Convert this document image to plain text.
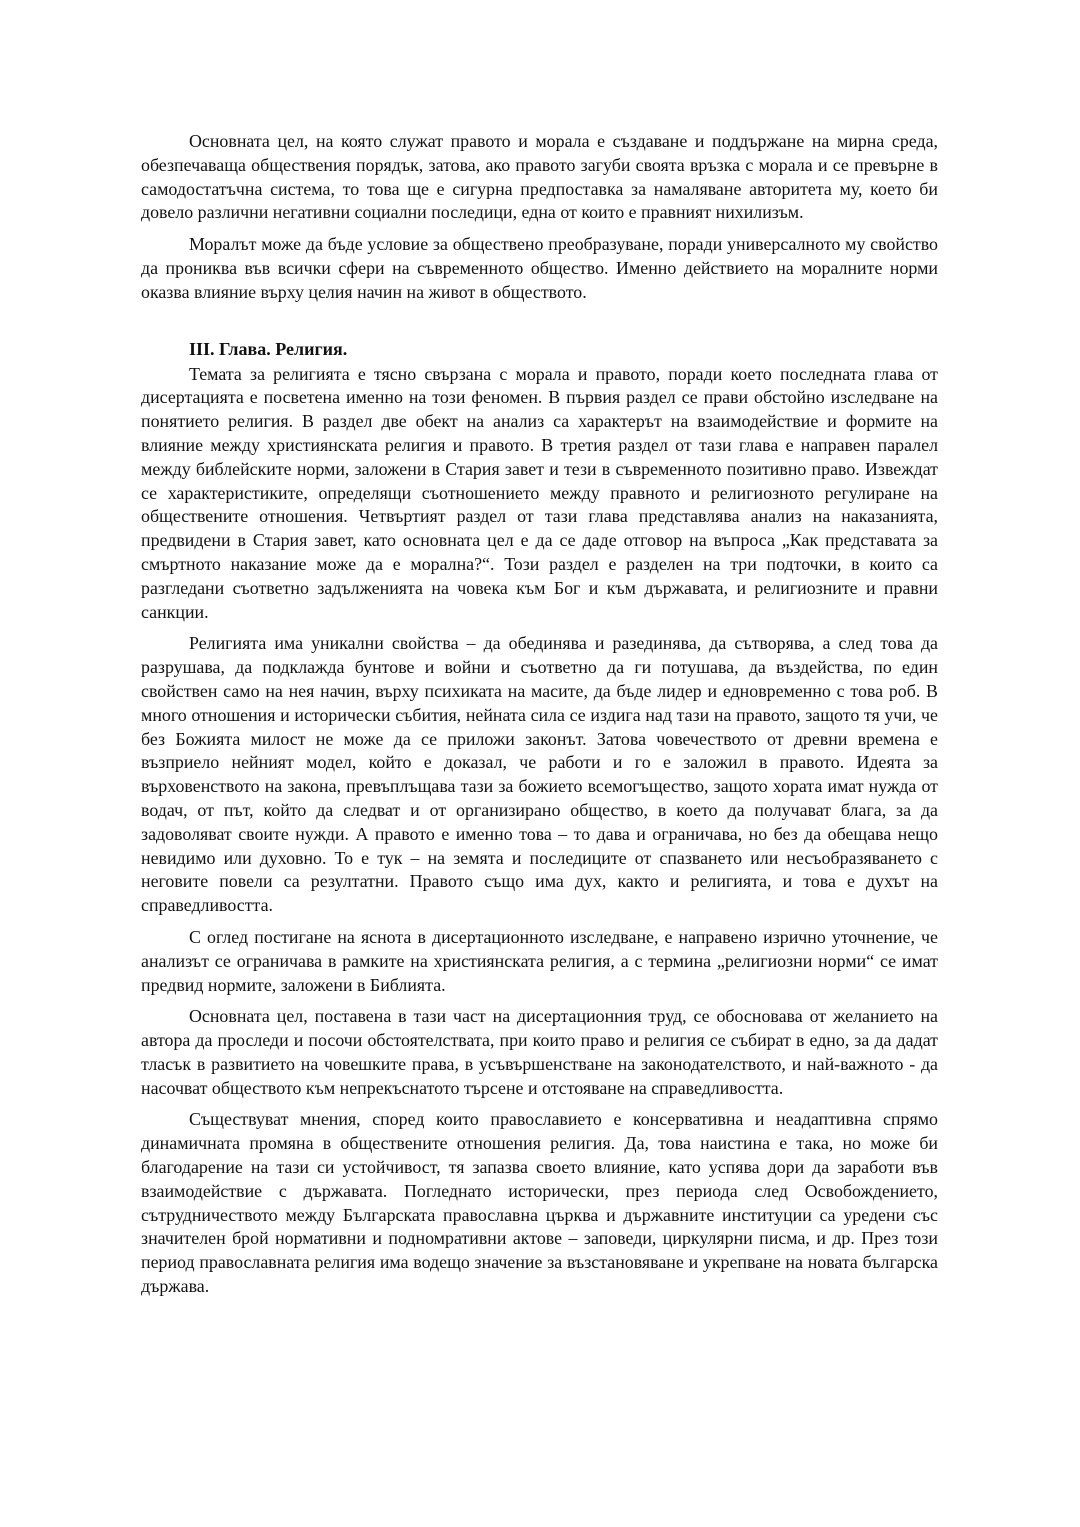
Основната цел, на която служат правото и морала е създаване и поддържане на мирна среда, обезпечаваща обществения порядък, затова, ако правото загуби своята връзка с морала и се превърне в самодостатъчна система, то това ще е сигурна предпоставка за намаляване авторитета му, което би довело различни негативни социални последици, една от които е правният нихилизъм.

Моралът може да бъде условие за обществено преобразуване, поради универсалното му свойство да прониква във всички сфери на съвременното общество. Именно действието на моралните норми оказва влияние върху целия начин на живот в обществото.

III. Глава. Религия.

Темата за религията е тясно свързана с морала и правото, поради което последната глава от дисертацията е посветена именно на този феномен. В първия раздел се прави обстойно изследване на понятието религия. В раздел две обект на анализ са характерът на взаимодействие и формите на влияние между християнската религия и правото. В третия раздел от тази глава е направен паралел между библейските норми, заложени в Стария завет и тези в съвременното позитивно право. Извеждат се характеристиките, определящи съотношението между правното и религиозното регулиране на обществените отношения. Четвъртият раздел от тази глава представлява анализ на наказанията, предвидени в Стария завет, като основната цел е да се даде отговор на въпроса „Как представата за смъртното наказание може да е морална?“. Този раздел е разделен на три подточки, в които са разгледани съответно задълженията на човека към Бог и към държавата, и религиозните и правни санкции.

Религията има уникални свойства – да обединява и разединява, да сътворява, а след това да разрушава, да подклажда бунтове и войни и съответно да ги потушава, да въздейства, по един свойствен само на нея начин, върху психиката на масите, да бъде лидер и едновременно с това роб. В много отношения и исторически събития, нейната сила се издига над тази на правото, защото тя учи, че без Божията милост не може да се приложи законът. Затова човечеството от древни времена е възприело нейният модел, който е доказал, че работи и го е заложил в правото. Идеята за върховенството на закона, превъплъщава тази за божието всемогъщество, защото хората имат нужда от водач, от път, който да следват и от организирано общество, в което да получават блага, за да задоволяват своите нужди. А правото е именно това – то дава и ограничава, но без да обещава нещо невидимо или духовно. То е тук – на земята и последиците от спазването или несъобразяването с неговите повели са резултатни. Правото също има дух, както и религията, и това е духът на справедливостта.

С оглед постигане на яснота в дисертационното изследване, е направено изрично уточнение, че анализът се ограничава в рамките на християнската религия, а с термина „религиозни норми“ се имат предвид нормите, заложени в Библията.

Основната цел, поставена в тази част на дисертационния труд, се обосновава от желанието на автора да проследи и посочи обстоятелствата, при които право и религия се събират в едно, за да дадат тласък в развитието на човешките права, в усъвършенстване на законодателството, и най-важното - да насочват обществото към непрекъснатото търсене и отстояване на справедливостта.

Съществуват мнения, според които православието е консервативна и неадаптивна спрямо динамичната промяна в обществените отношения религия. Да, това наистина е така, но може би благодарение на тази си устойчивост, тя запазва своето влияние, като успява дори да заработи във взаимодействие с държавата. Погледнато исторически, през периода след Освобождението, сътрудничеството между Българската православна църква и държавните институции са уредени със значителен брой нормативни и подномративни актове – заповеди, циркулярни писма, и др. През този период православната религия има водещо значение за възстановяване и укрепване на новата българска държава.
